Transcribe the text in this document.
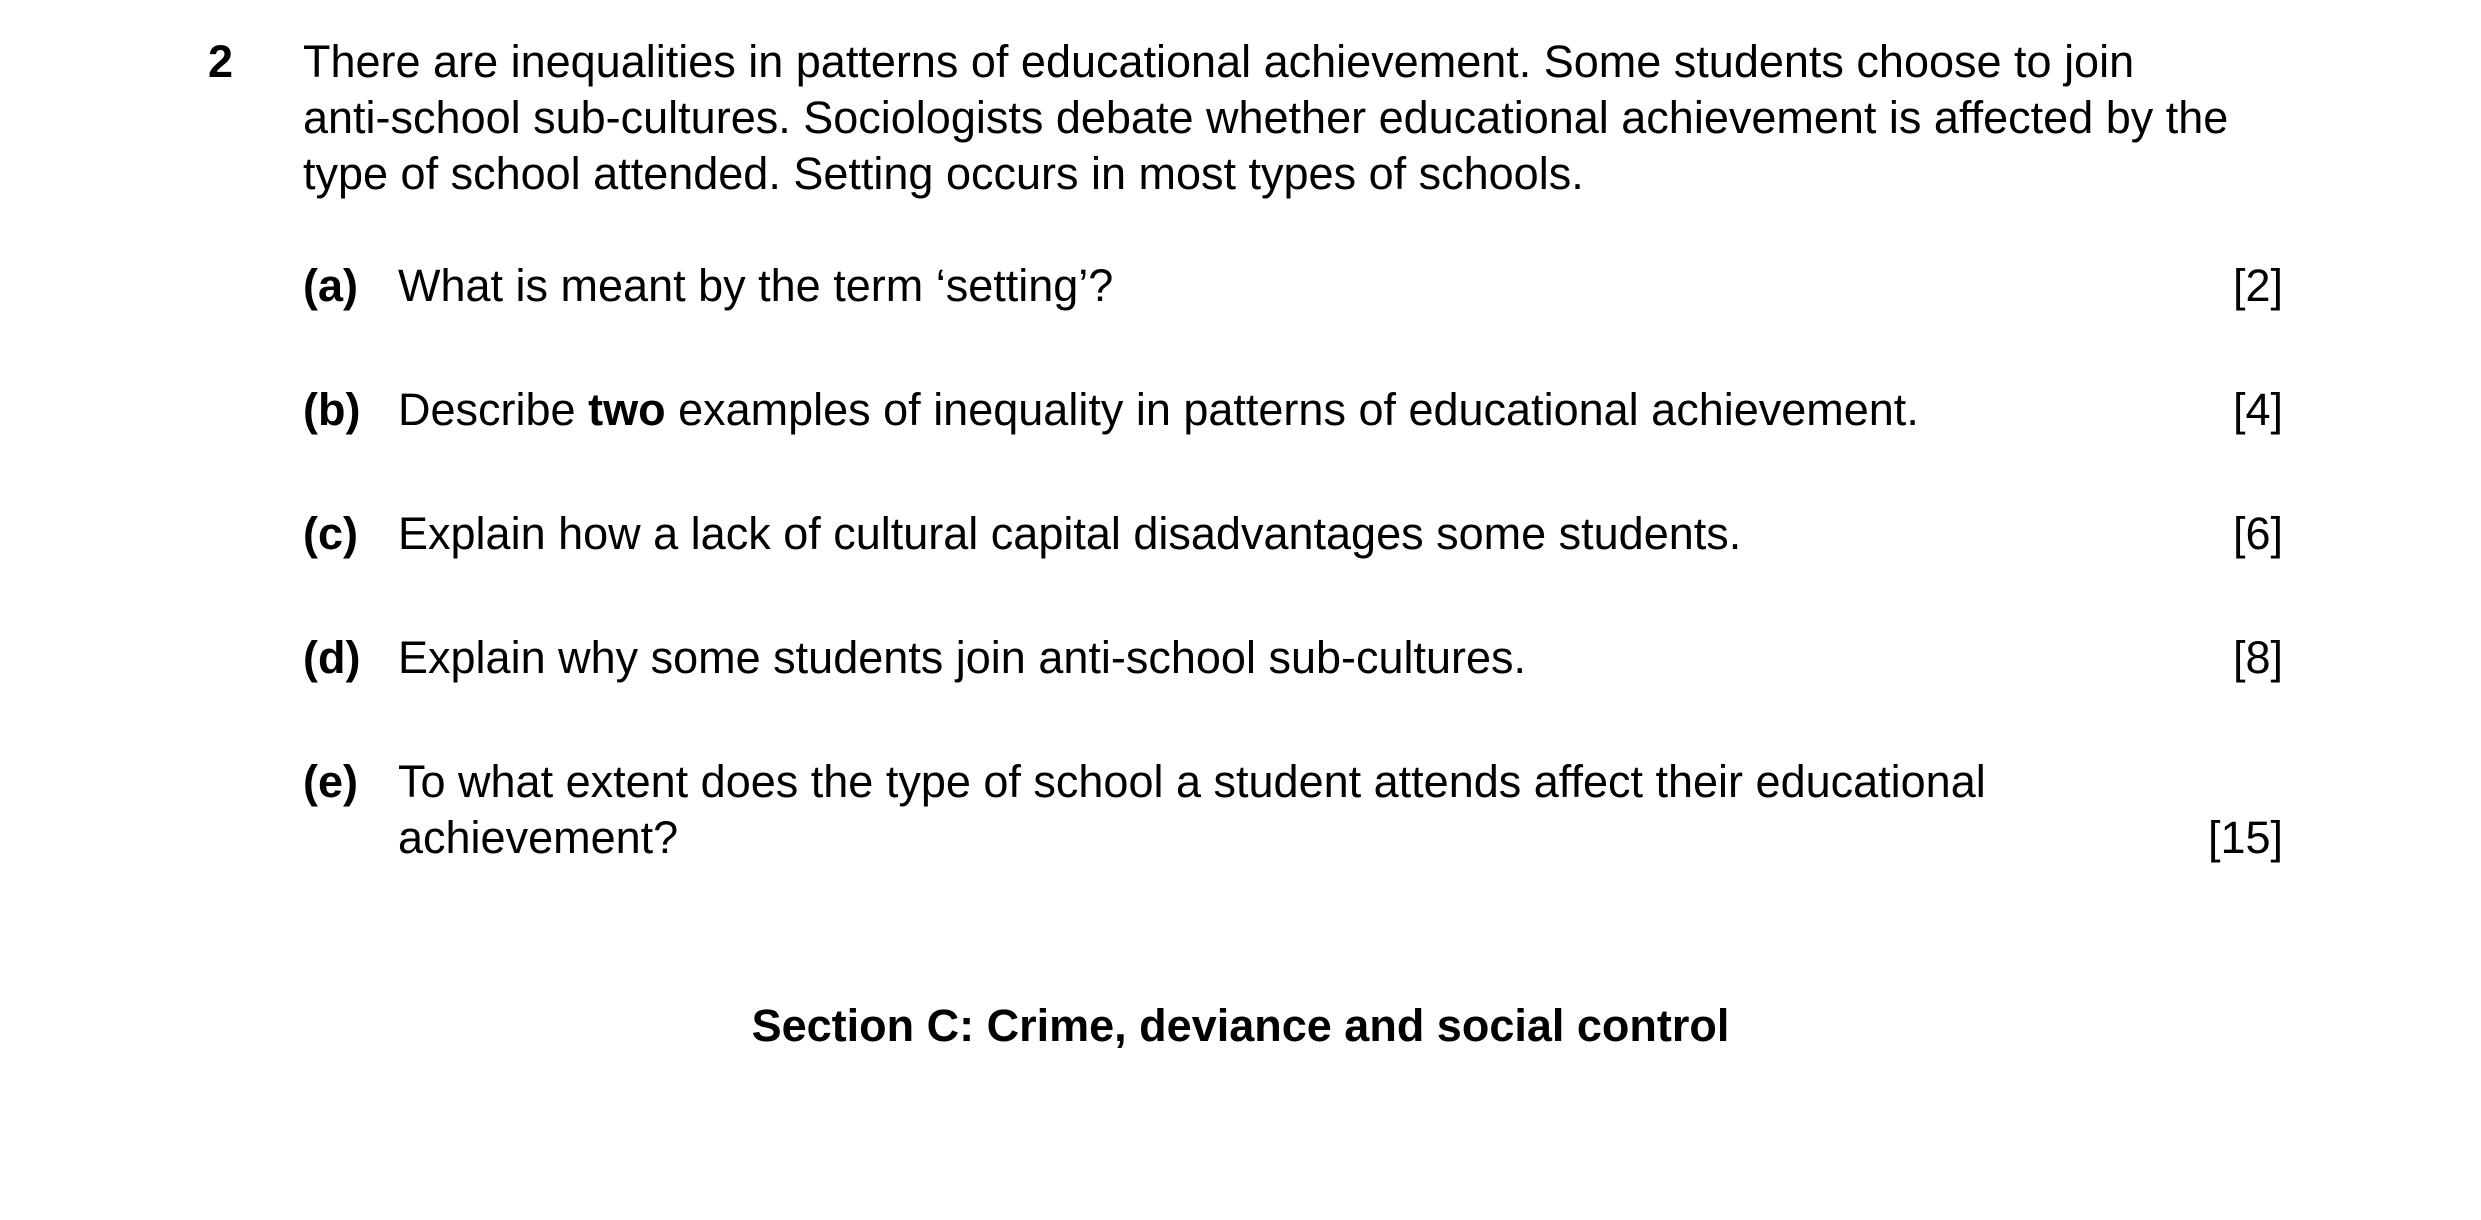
2 There are inequalities in patterns of educational achievement. Some students choose to join
anti-school sub-cultures. Sociologists debate whether educational achievement is affected by the
type of school attended. Setting occurs in most types of schools.
(a) What is meant by the term ‘setting’?	[2]
(b) Describe two examples of inequality in patterns of educational achievement.	[4]
(c) Explain how a lack of cultural capital disadvantages some students.	[6]
(d) Explain why some students join anti-school sub-cultures.	[8]
(e) To what extent does the type of school a student attends affect their educational
achievement?	[15]
Section C: Crime, deviance and social control
